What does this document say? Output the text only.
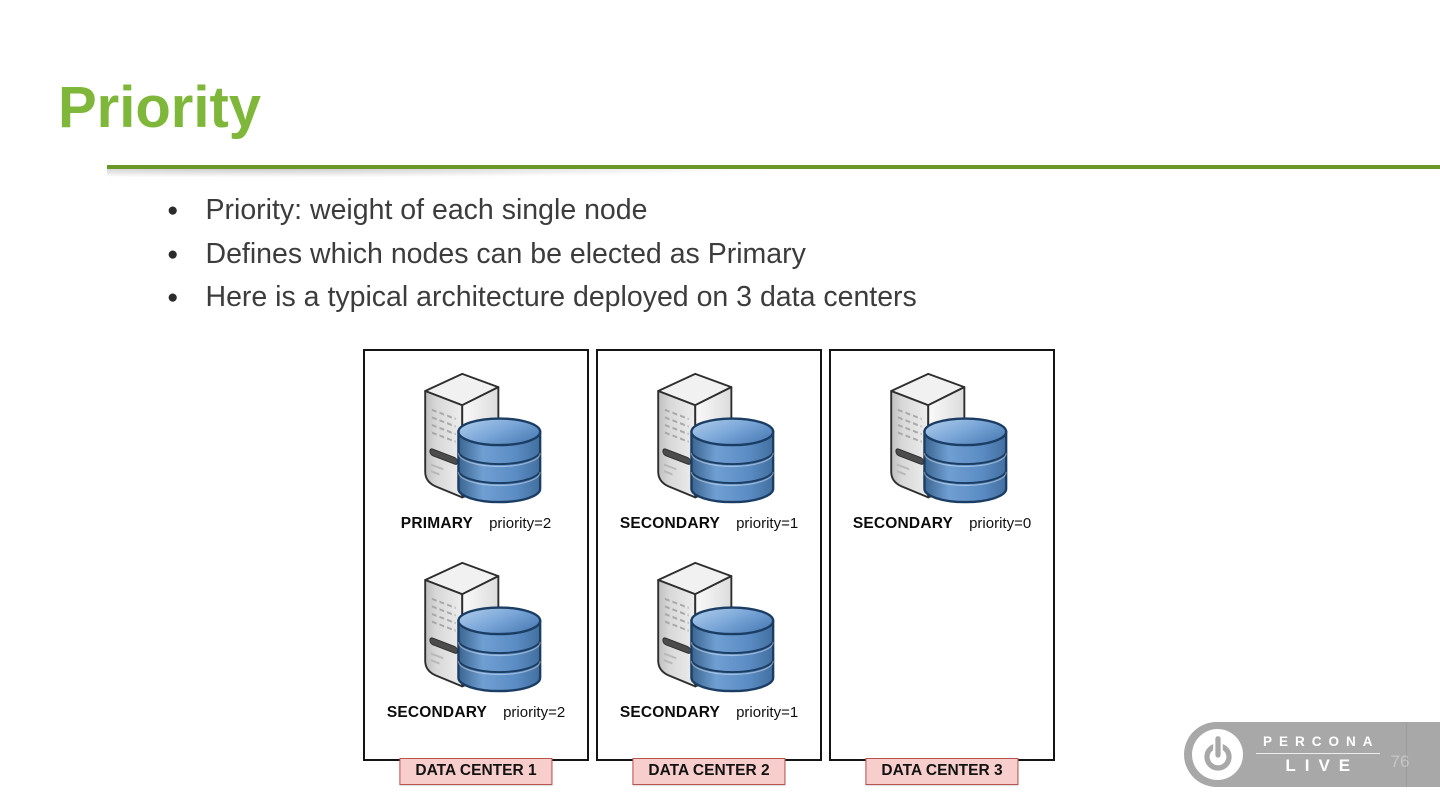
Priority
● Priority: weight of each single node
● Defines which nodes can be elected as Primary
● Here is a typical architecture deployed on 3 data centers
PRIMARY priority=2
SECONDARY priority=2
DATA CENTER 1
SECONDARY priority=1
SECONDARY priority=1
DATA CENTER 2
SECONDARY priority=0
DATA CENTER 3
PERCONA
LIVE 76
